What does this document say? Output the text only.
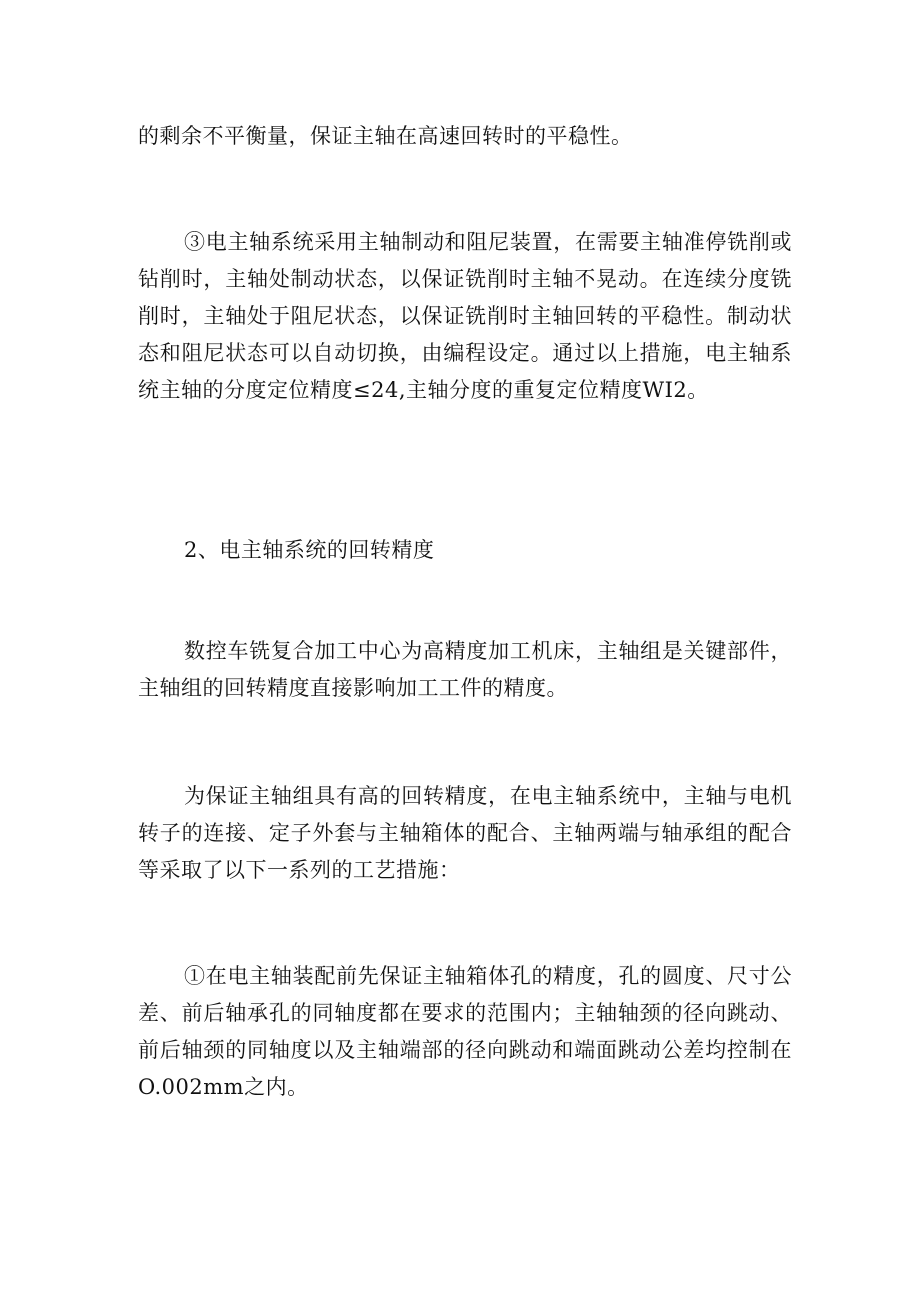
的剩余不平衡量，保证主轴在高速回转时的平稳性。

③电主轴系统采用主轴制动和阻尼装置，在需要主轴准停铣削或钻削时，主轴处制动状态，以保证铣削时主轴不晃动。在连续分度铣削时，主轴处于阻尼状态，以保证铣削时主轴回转的平稳性。制动状态和阻尼状态可以自动切换，由编程设定。通过以上措施，电主轴系统主轴的分度定位精度≤24,主轴分度的重复定位精度WI2。

2、电主轴系统的回转精度

数控车铣复合加工中心为高精度加工机床，主轴组是关键部件，主轴组的回转精度直接影响加工工件的精度。

为保证主轴组具有高的回转精度，在电主轴系统中，主轴与电机转子的连接、定子外套与主轴箱体的配合、主轴两端与轴承组的配合等采取了以下一系列的工艺措施：

①在电主轴装配前先保证主轴箱体孔的精度，孔的圆度、尺寸公差、前后轴承孔的同轴度都在要求的范围内；主轴轴颈的径向跳动、前后轴颈的同轴度以及主轴端部的径向跳动和端面跳动公差均控制在O.002mm之内。
